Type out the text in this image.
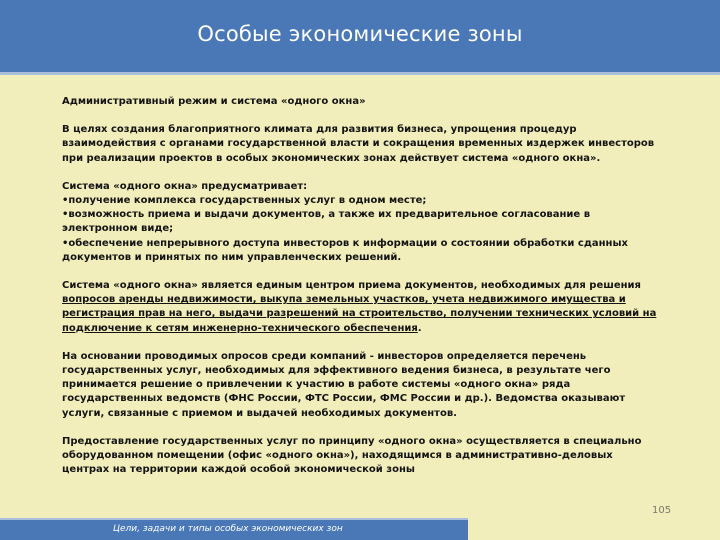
Особые экономические зоны

Административный режим и система «одного окна»

В целях создания благоприятного климата для развития бизнеса, упрощения процедур взаимодействия с органами государственной власти и сокращения временных издержек инвесторов при реализации проектов в особых экономических зонах действует система «одного окна».

Система «одного окна» предусматривает:

•получение комплекса государственных услуг в одном месте;

•возможность приема и выдачи документов, а также их предварительное согласование в электронном виде;

•обеспечение непрерывного доступа инвесторов к информации о состоянии обработки сданных документов и принятых по ним управленческих решений.

Система «одного окна» является единым центром приема документов, необходимых для решения вопросов аренды недвижимости, выкупа земельных участков, учета недвижимого имущества и регистрация прав на него, выдачи разрешений на строительство, получении технических условий на подключение к сетям инженерно-технического обеспечения.

На основании проводимых опросов среди компаний - инвесторов определяется перечень государственных услуг, необходимых для эффективного ведения бизнеса, в результате чего принимается решение о привлечении к участию в работе системы «одного окна» ряда государственных ведомств (ФНС России, ФТС России, ФМС России и др.). Ведомства оказывают услуги, связанные с приемом и выдачей необходимых документов.

Предоставление государственных услуг по принципу «одного окна» осуществляется в специально оборудованном помещении (офис «одного окна»), находящимся в административно-деловых центрах на территории каждой особой экономической зоны

105
Цели, задачи и типы особых экономических зон
